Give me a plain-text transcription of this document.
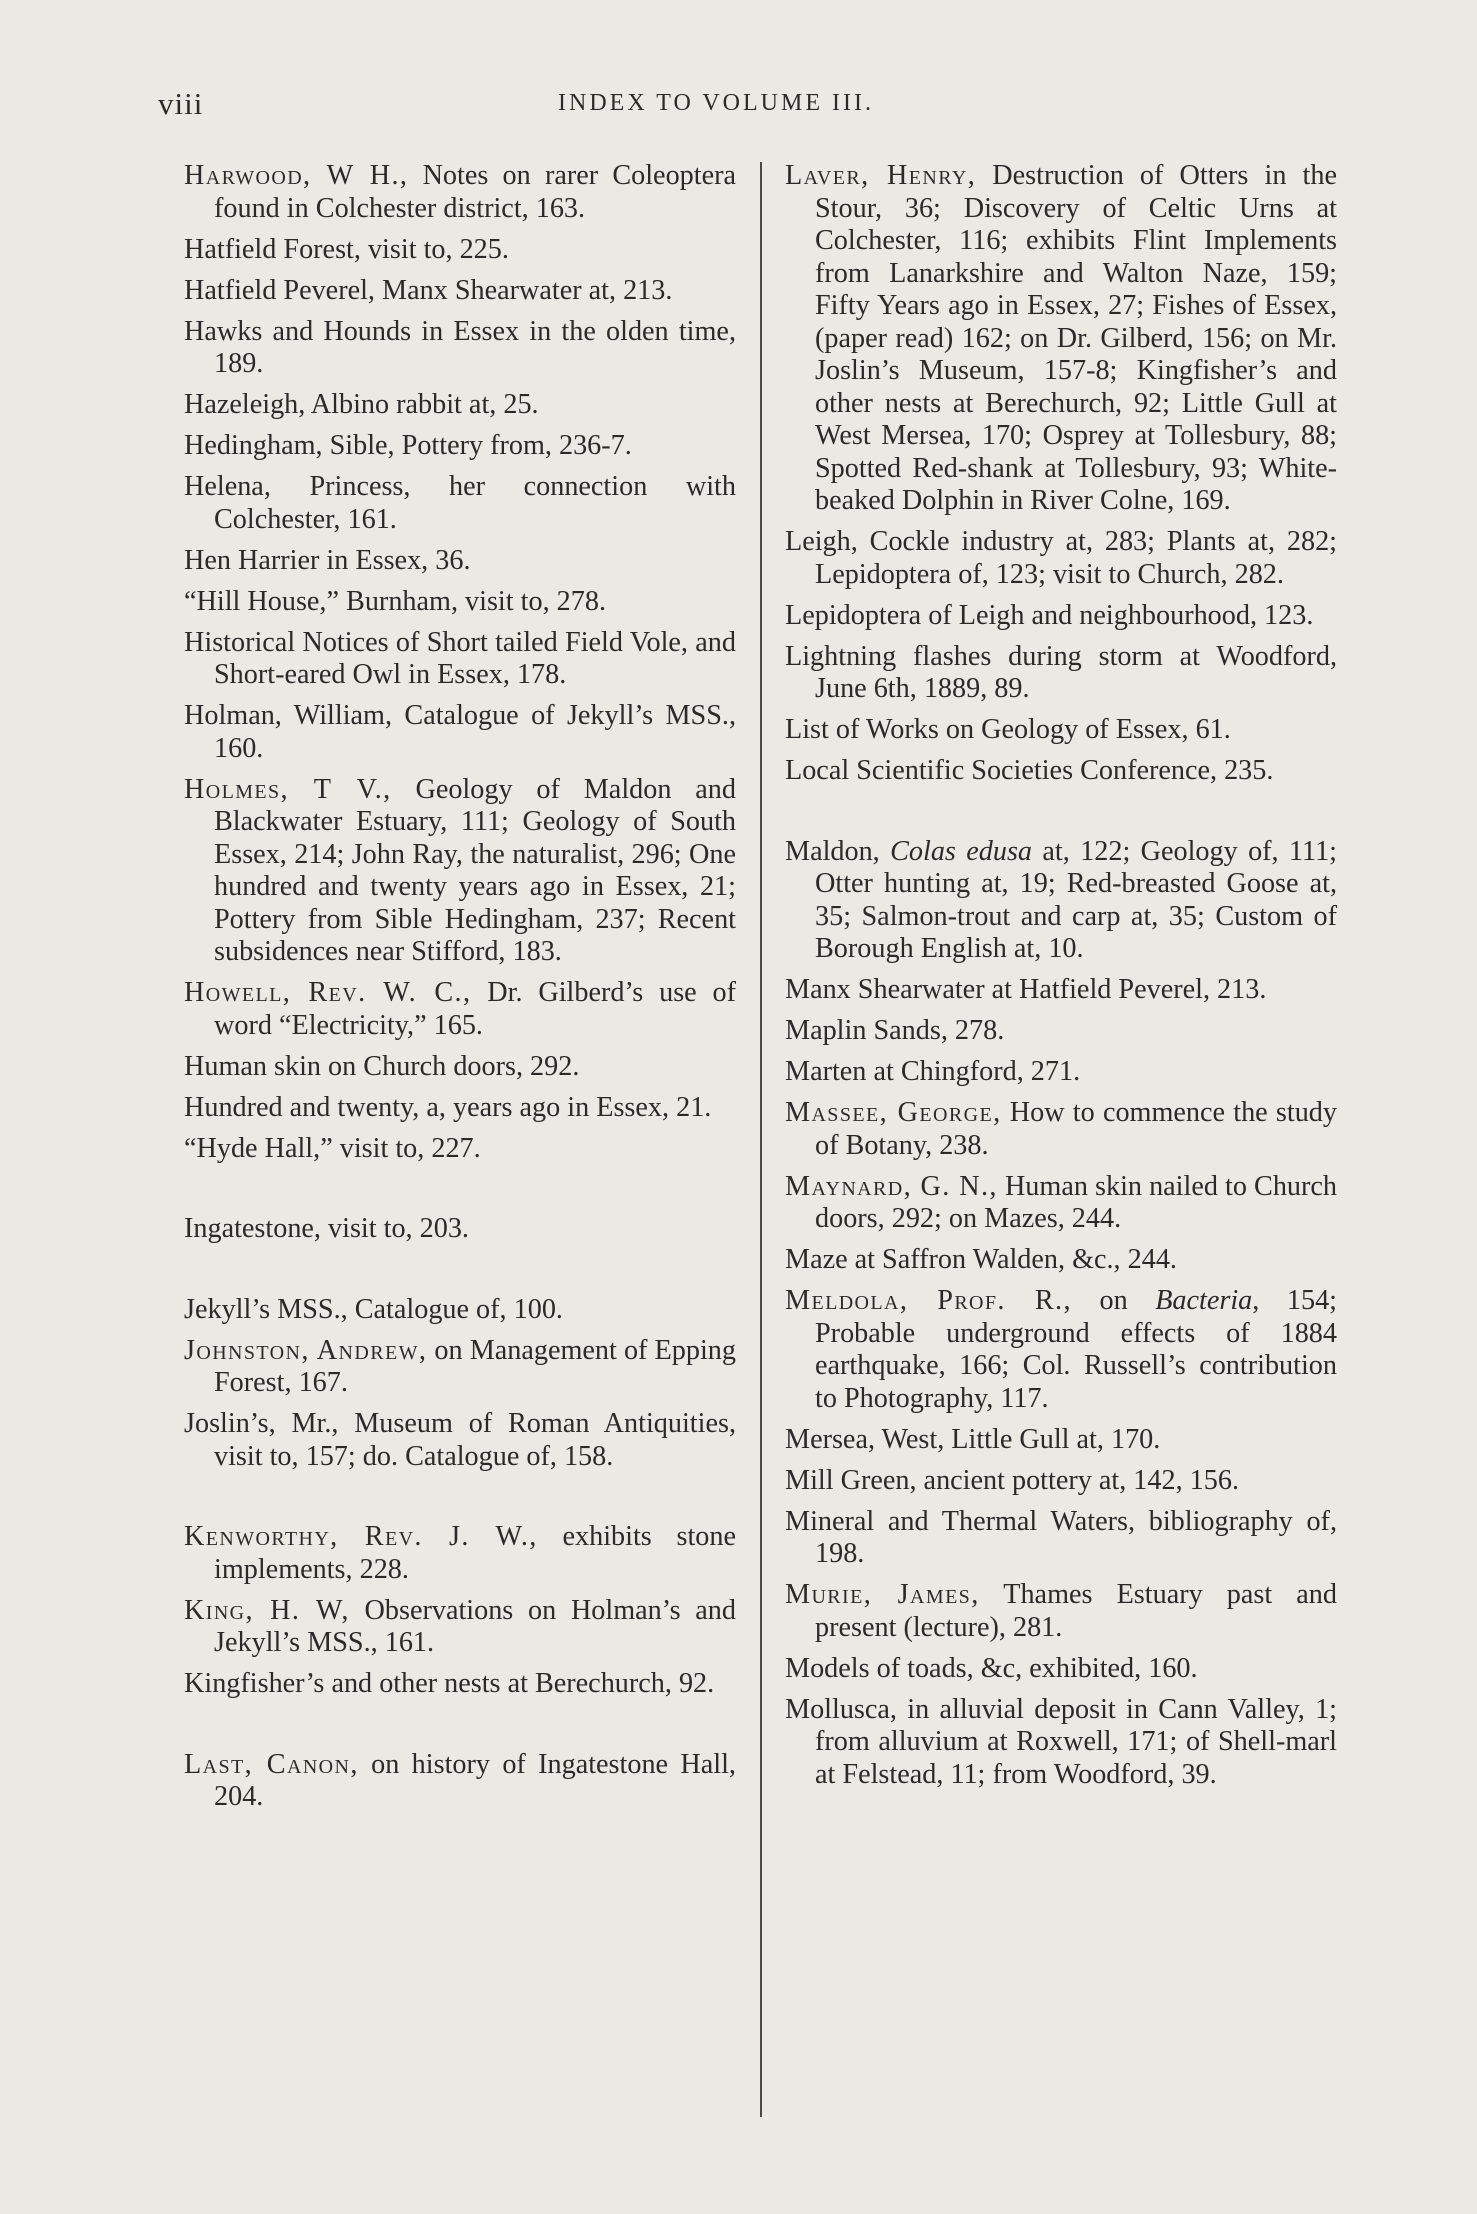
viii	INDEX TO VOLUME III.

Harwood, W H., Notes on rarer Coleoptera found in Colchester district, 163.

Hatfield Forest, visit to, 225.

Hatfield Peverel, Manx Shearwater at, 213.

Hawks and Hounds in Essex in the olden time, 189.

Hazeleigh, Albino rabbit at, 25.

Hedingham, Sible, Pottery from, 236-7.

Helena, Princess, her connection with Colchester, 161.

Hen Harrier in Essex, 36.

“Hill House,” Burnham, visit to, 278.

Historical Notices of Short tailed Field Vole, and Short-eared Owl in Essex, 178.

Holman, William, Catalogue of Jekyll’s MSS., 160.

Holmes, T V., Geology of Maldon and Blackwater Estuary, 111; Geology of South Essex, 214; John Ray, the naturalist, 296; One hundred and twenty years ago in Essex, 21; Pottery from Sible Hedingham, 237; Recent subsidences near Stifford, 183.

Howell, Rev. W. C., Dr. Gilberd’s use of word “Electricity,” 165.

Human skin on Church doors, 292.

Hundred and twenty, a, years ago in Essex, 21.

“Hyde Hall,” visit to, 227.

Ingatestone, visit to, 203.

Jekyll’s MSS., Catalogue of, 100.

Johnston, Andrew, on Management of Epping Forest, 167.

Joslin’s, Mr., Museum of Roman Antiquities, visit to, 157; do. Catalogue of, 158.

Kenworthy, Rev. J. W., exhibits stone implements, 228.

King, H. W, Observations on Holman’s and Jekyll’s MSS., 161.

Kingfisher’s and other nests at Berechurch, 92.

Last, Canon, on history of Ingatestone Hall, 204.

Laver, Henry, Destruction of Otters in the Stour, 36; Discovery of Celtic Urns at Colchester, 116; exhibits Flint Implements from Lanarkshire and Walton Naze, 159; Fifty Years ago in Essex, 27; Fishes of Essex, (paper read) 162; on Dr. Gilberd, 156; on Mr. Joslin’s Museum, 157-8; Kingfisher’s and other nests at Berechurch, 92; Little Gull at West Mersea, 170; Osprey at Tollesbury, 88; Spotted Red-shank at Tollesbury, 93; White-beaked Dolphin in River Colne, 169.

Leigh, Cockle industry at, 283; Plants at, 282; Lepidoptera of, 123; visit to Church, 282.

Lepidoptera of Leigh and neighbourhood, 123.

Lightning flashes during storm at Woodford, June 6th, 1889, 89.

List of Works on Geology of Essex, 61.

Local Scientific Societies Conference, 235.

Maldon, Colas edusa at, 122; Geology of, 111; Otter hunting at, 19; Red-breasted Goose at, 35; Salmon-trout and carp at, 35; Custom of Borough English at, 10.

Manx Shearwater at Hatfield Peverel, 213.

Maplin Sands, 278.

Marten at Chingford, 271.

Massee, George, How to commence the study of Botany, 238.

Maynard, G. N., Human skin nailed to Church doors, 292; on Mazes, 244.

Maze at Saffron Walden, &c., 244.

Meldola, Prof. R., on Bacteria, 154; Probable underground effects of 1884 earthquake, 166; Col. Russell’s contribution to Photography, 117.

Mersea, West, Little Gull at, 170.

Mill Green, ancient pottery at, 142, 156.

Mineral and Thermal Waters, bibliography of, 198.

Murie, James, Thames Estuary past and present (lecture), 281.

Models of toads, &c, exhibited, 160.

Mollusca, in alluvial deposit in Cann Valley, 1; from alluvium at Roxwell, 171; of Shell-marl at Felstead, 11; from Woodford, 39.
